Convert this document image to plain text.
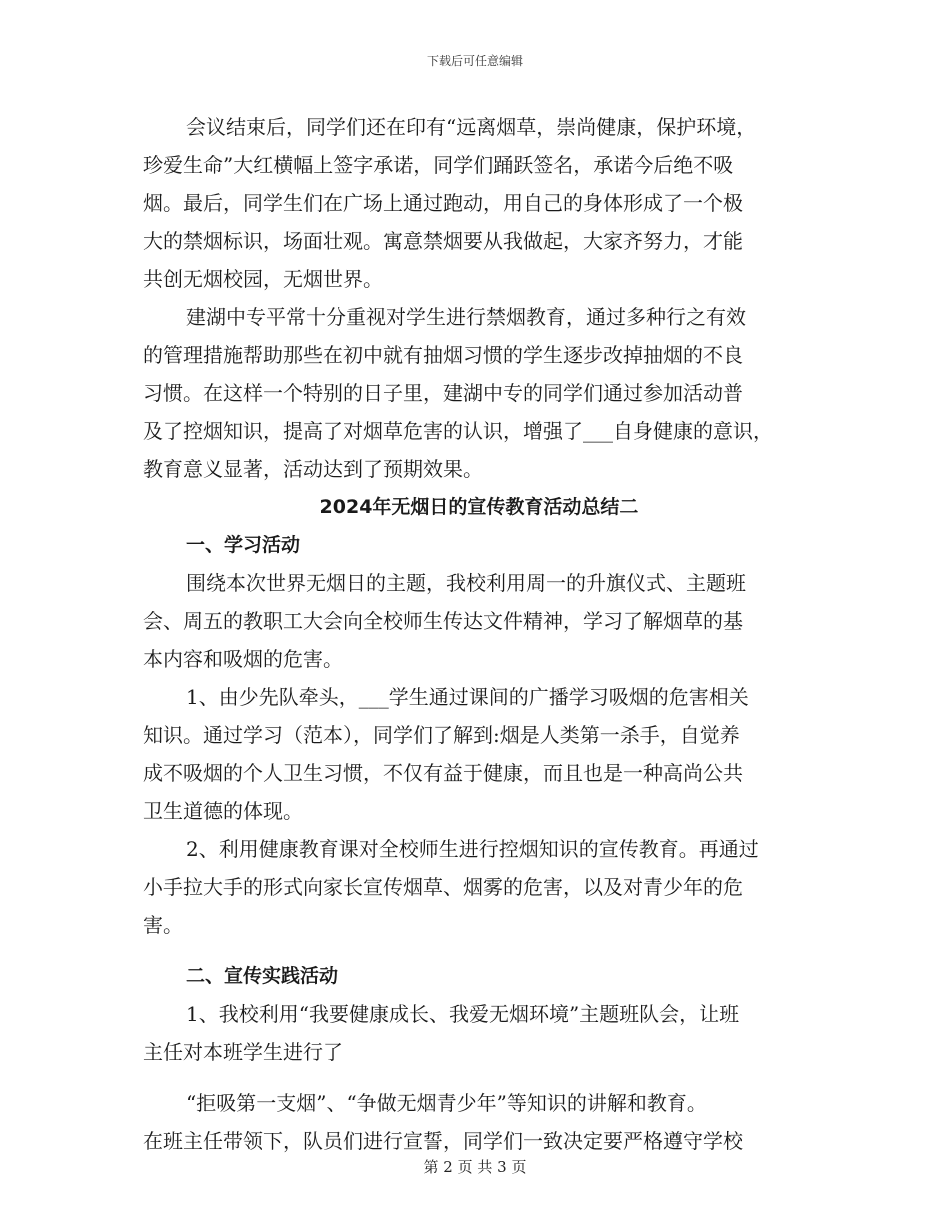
下载后可任意编辑
会议结束后，同学们还在印有“远离烟草，崇尚健康，保护环境，
珍爱生命”大红横幅上签字承诺，同学们踊跃签名，承诺今后绝不吸
烟。最后，同学生们在广场上通过跑动，用自己的身体形成了一个极
大的禁烟标识，场面壮观。寓意禁烟要从我做起，大家齐努力，才能
共创无烟校园，无烟世界。
建湖中专平常十分重视对学生进行禁烟教育，通过多种行之有效
的管理措施帮助那些在初中就有抽烟习惯的学生逐步改掉抽烟的不良
习惯。在这样一个特别的日子里，建湖中专的同学们通过参加活动普
及了控烟知识，提高了对烟草危害的认识，增强了___自身健康的意识，
教育意义显著，活动达到了预期效果。
2024年无烟日的宣传教育活动总结二
一、学习活动
围绕本次世界无烟日的主题，我校利用周一的升旗仪式、主题班
会、周五的教职工大会向全校师生传达文件精神，学习了解烟草的基
本内容和吸烟的危害。
1、由少先队牵头，___学生通过课间的广播学习吸烟的危害相关
知识。通过学习（范本），同学们了解到:烟是人类第一杀手，自觉养
成不吸烟的个人卫生习惯，不仅有益于健康，而且也是一种高尚公共
卫生道德的体现。
2、利用健康教育课对全校师生进行控烟知识的宣传教育。再通过
小手拉大手的形式向家长宣传烟草、烟雾的危害，以及对青少年的危
害。
二、宣传实践活动
1、我校利用“我要健康成长、我爱无烟环境”主题班队会，让班
主任对本班学生进行了
“拒吸第一支烟”、“争做无烟青少年”等知识的讲解和教育。
在班主任带领下，队员们进行宣誓，同学们一致决定要严格遵守学校
第 2 页 共 3 页
